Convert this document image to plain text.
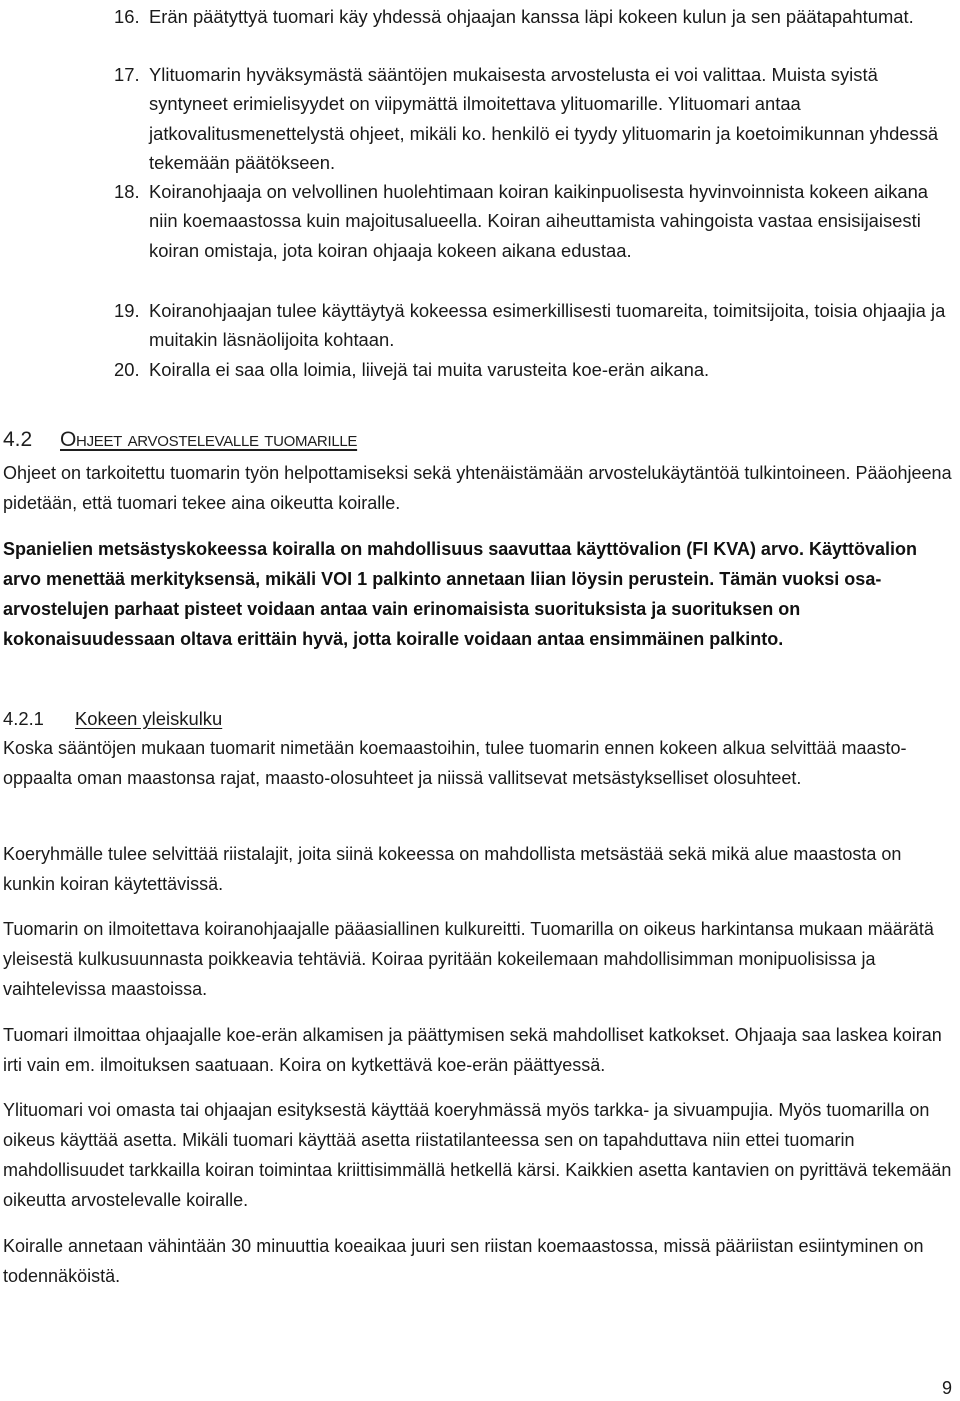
16. Erän päätyttyä tuomari käy yhdessä ohjaajan kanssa läpi kokeen kulun ja sen päätapahtumat.
17. Ylituomarin hyväksymästä sääntöjen mukaisesta arvostelusta ei voi valittaa. Muista syistä syntyneet erimielisyydet on viipymättä ilmoitettava ylituomarille. Ylituomari antaa jatkovalitusmenettelystä ohjeet, mikäli ko. henkilö ei tyydy ylituomarin ja koetoimikunnan yhdessä tekemään päätökseen.
18. Koiranohjaaja on velvollinen huolehtimaan koiran kaikinpuolisesta hyvinvoinnista kokeen aikana niin koemaastossa kuin majoitusalueella. Koiran aiheuttamista vahingoista vastaa ensisijaisesti koiran omistaja, jota koiran ohjaaja kokeen aikana edustaa.
19. Koiranohjaajan tulee käyttäytyä kokeessa esimerkillisesti tuomareita, toimitsijoita, toisia ohjaajia ja muitakin läsnäolijoita kohtaan.
20. Koiralla ei saa olla loimia, liivejä tai muita varusteita koe-erän aikana.
4.2 Ohjeet arvostelevalle tuomarille
Ohjeet on tarkoitettu tuomarin työn helpottamiseksi sekä yhtenäistämään arvostelukäytäntöä tulkintoineen. Pääohjeena pidetään, että tuomari tekee aina oikeutta koiralle.
Spanielien metsästyskokeessa koiralla on mahdollisuus saavuttaa käyttövalion (FI KVA) arvo. Käyttövalion arvo menettää merkityksensä, mikäli VOI 1 palkinto annetaan liian löysin perustein. Tämän vuoksi osa-arvostelujen parhaat pisteet voidaan antaa vain erinomaisista suorituksista ja suorituksen on kokonaisuudessaan oltava erittäin hyvä, jotta koiralle voidaan antaa ensimmäinen palkinto.
4.2.1 Kokeen yleiskulku
Koska sääntöjen mukaan tuomarit nimetään koemaastoihin, tulee tuomarin ennen kokeen alkua selvittää maasto-oppaalta oman maastonsa rajat, maasto-olosuhteet ja niissä vallitsevat metsästykselliset olosuhteet.
Koeryhmälle tulee selvittää riistalajit, joita siinä kokeessa on mahdollista metsästää sekä mikä alue maastosta on kunkin koiran käytettävissä.
Tuomarin on ilmoitettava koiranohjaajalle pääasiallinen kulkureitti. Tuomarilla on oikeus harkintansa mukaan määrätä yleisestä kulkusuunnasta poikkeavia tehtäviä. Koiraa pyritään kokeilemaan mahdollisimman monipuolisissa ja vaihtelevissa maastoissa.
Tuomari ilmoittaa ohjaajalle koe-erän alkamisen ja päättymisen sekä mahdolliset katkokset. Ohjaaja saa laskea koiran irti vain em. ilmoituksen saatuaan. Koira on kytkettävä koe-erän päättyessä.
Ylituomari voi omasta tai ohjaajan esityksestä käyttää koeryhmässä myös tarkka- ja sivuampujia. Myös tuomarilla on oikeus käyttää asetta. Mikäli tuomari käyttää asetta riistatilanteessa sen on tapahduttava niin ettei tuomarin mahdollisuudet tarkkailla koiran toimintaa kriittisimmällä hetkellä kärsi. Kaikkien asetta kantavien on pyrittävä tekemään oikeutta arvostelevalle koiralle.
Koiralle annetaan vähintään 30 minuuttia koeaikaa juuri sen riistan koemaastossa, missä pääriistan esiintyminen on todennäköistä.
9
